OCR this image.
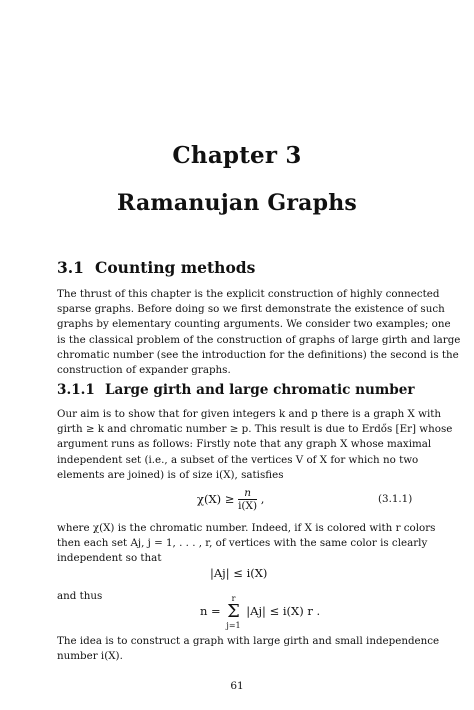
Chapter 3
Ramanujan Graphs
3.1 Counting methods

The thrust of this chapter is the explicit construction of highly connected
sparse graphs. Before doing so we first demonstrate the existence of such
graphs by elementary counting arguments. We consider two examples; one
is the classical problem of the construction of graphs of large girth and large
chromatic number (see the introduction for the definitions) the second is the
construction of expander graphs.

3.1.1 Large girth and large chromatic number

Our aim is to show that for given integers k and p there is a graph X with
girth ≥ k and chromatic number ≥ p. This result is due to Erdős [Er] whose
argument runs as follows: Firstly note that any graph X whose maximal
independent set (i.e., a subset of the vertices V of X for which no two
elements are joined) is of size i(X), satisfies

$\chi(X) \ge \frac{n}{i(X)}$ ,	(3.1.1)

where χ(X) is the chromatic number. Indeed, if X is colored with r colors
then each set Aj, j = 1, . . . , r, of vertices with the same color is clearly
independent so that

|Aj| ≤ i(X)

and thus

n = r
Σ
j=1 |Aj| ≤ i(X) r .

The idea is to construct a graph with large girth and small independence
number i(X).

61
